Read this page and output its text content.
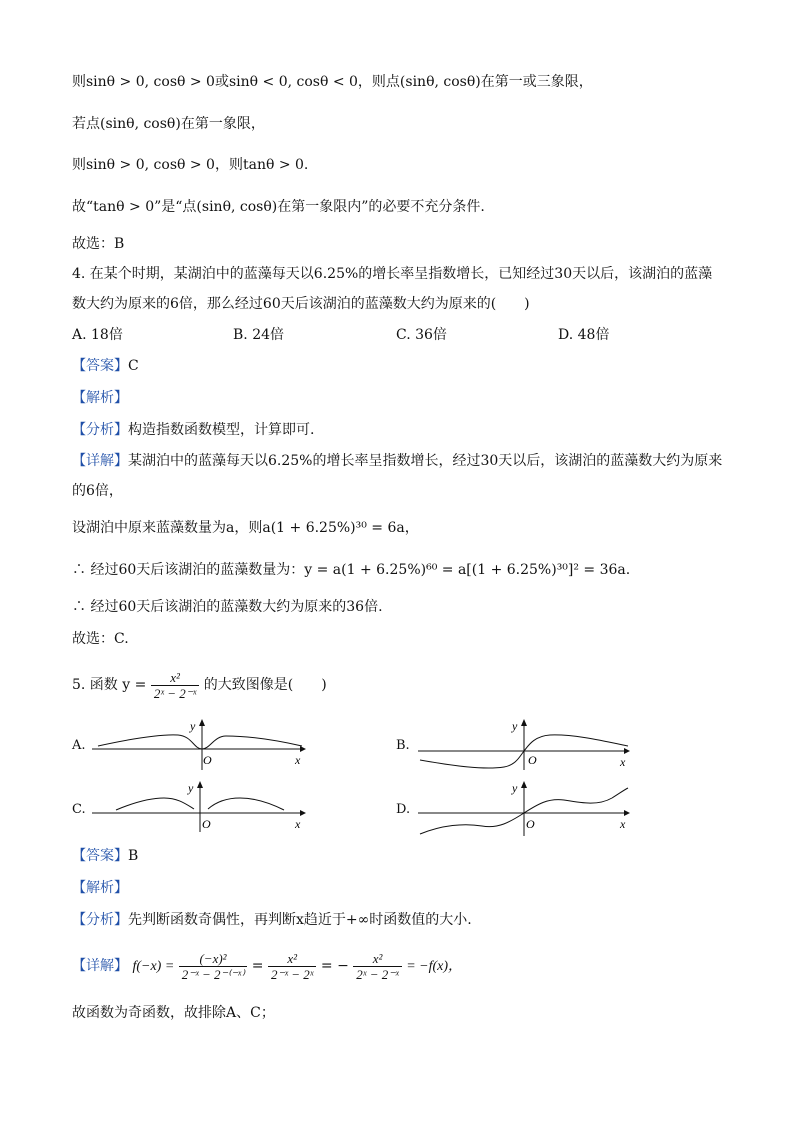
则sinθ > 0, cosθ > 0或sinθ < 0, cosθ < 0，则点(sinθ, cosθ)在第一或三象限，
若点(sinθ, cosθ)在第一象限，
则sinθ > 0, cosθ > 0，则tanθ > 0.
故“tanθ > 0”是“点(sinθ, cosθ)在第一象限内”的必要不充分条件.
故选：B
4. 在某个时期，某湖泊中的蓝藻每天以6.25%的增长率呈指数增长，已知经过30天以后，该湖泊的蓝藻
数大约为原来的6倍，那么经过60天后该湖泊的蓝藻数大约为原来的(　　)
A. 18倍	B. 24倍	C. 36倍	D. 48倍
【答案】C
【解析】
【分析】构造指数函数模型，计算即可.
【详解】某湖泊中的蓝藻每天以6.25%的增长率呈指数增长，经过30天以后，该湖泊的蓝藻数大约为原来
的6倍，
设湖泊中原来蓝藻数量为a，则a(1 + 6.25%)³⁰ = 6a，
∴ 经过60天后该湖泊的蓝藻数量为：y = a(1 + 6.25%)⁶⁰ = a[(1 + 6.25%)³⁰]² = 36a.
∴ 经过60天后该湖泊的蓝藻数大约为原来的36倍.
故选：C.
5. 函数 $y = \frac{\text{x²}}{\text{2ˣ − 2⁻ˣ}}$ 的大致图像是(　　)
A.
y
O	x
B.
y
O	x
C.
y
O	x
D.
y
O	x
【答案】B
【解析】
【分析】先判断函数奇偶性，再判断x趋近于+∞时函数值的大小.
【详解】 $f(-x) = \frac{\text{(−x)²}}{\text{2⁻ˣ − 2⁻⁽⁻ˣ⁾}} = \frac{\text{x²}}{\text{2⁻ˣ − 2ˣ}}$ = − $\frac{\text{x²}}{\text{2ˣ − 2⁻ˣ}} = -f(x)$，
故函数为奇函数，故排除A、C；
